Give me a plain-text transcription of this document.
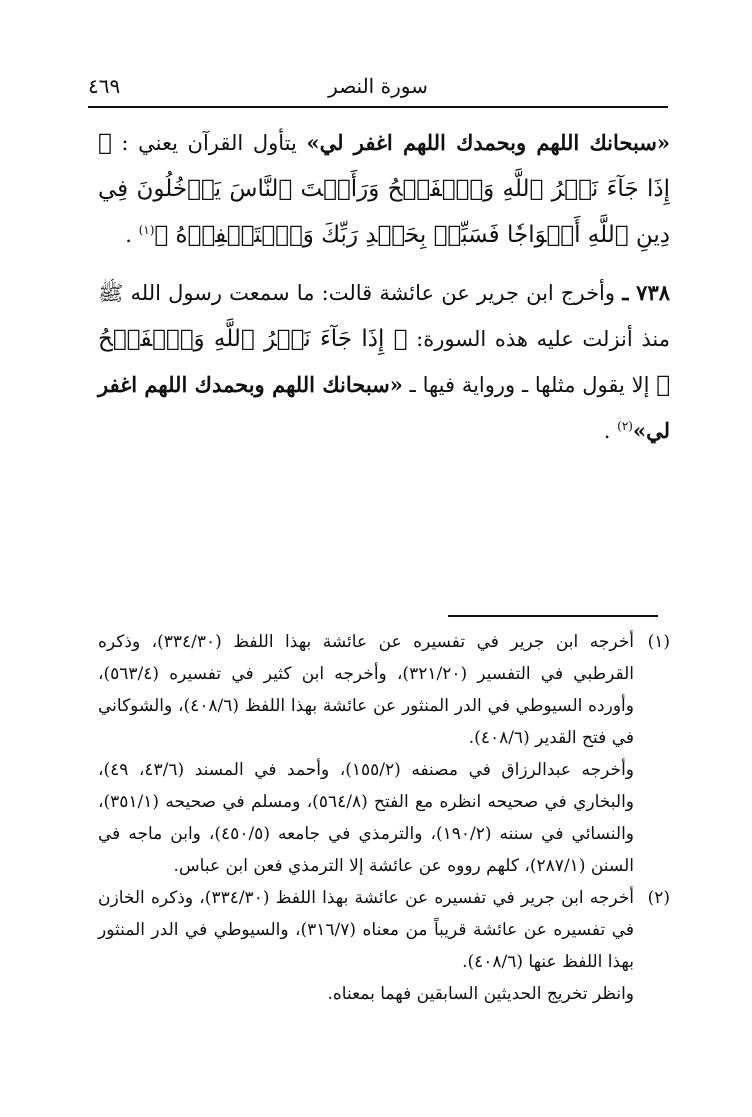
٤٦٩	سورة النصر

«سبحانك اللهم وبحمدك اللهم اغفر لي» يتأول القرآن يعني : ﴿ إِذَا جَآءَ نَصۡرُ ٱللَّهِ وَٱلۡفَتۡحُ وَرَأَيۡتَ ٱلنَّاسَ يَدۡخُلُونَ فِي دِينِ ٱللَّهِ أَفۡوَاجٗا فَسَبِّحۡ بِحَمۡدِ رَبِّكَ وَٱسۡتَغۡفِرۡهُ ﴾$^{(١)}$ .

٧٣٨ ـ وأخرج ابن جرير عن عائشة قالت: ما سمعت رسول الله ﷺ منذ أنزلت عليه هذه السورة: ﴿ إِذَا جَآءَ نَصۡرُ ٱللَّهِ وَٱلۡفَتۡحُ ﴾ إلا يقول مثلها ـ ورواية فيها ـ «سبحانك اللهم وبحمدك اللهم اغفر لي»$^{(٢)}$ .

(١)

أخرجه ابن جرير في تفسيره عن عائشة بهذا اللفظ (٣٣٤/٣٠)، وذكره القرطبي في التفسير (٣٢١/٢٠)، وأخرجه ابن كثير في تفسيره (٥٦٣/٤)، وأورده السيوطي في الدر المنثور عن عائشة بهذا اللفظ (٤٠٨/٦)، والشوكاني في فتح القدير (٤٠٨/٦).

وأخرجه عبدالرزاق في مصنفه (١٥٥/٢)، وأحمد في المسند (٤٣/٦، ٤٩)، والبخاري في صحيحه انظره مع الفتح (٥٦٤/٨)، ومسلم في صحيحه (٣٥١/١)، والنسائي في سننه (١٩٠/٢)، والترمذي في جامعه (٤٥٠/٥)، وابن ماجه في السنن (٢٨٧/١)، كلهم رووه عن عائشة إلا الترمذي فعن ابن عباس.

(٢)

أخرجه ابن جرير في تفسيره عن عائشة بهذا اللفظ (٣٣٤/٣٠)، وذكره الخازن في تفسيره عن عائشة قريباً من معناه (٣١٦/٧)، والسيوطي في الدر المنثور بهذا اللفظ عنها (٤٠٨/٦).

وانظر تخريج الحديثين السابقين فهما بمعناه.
